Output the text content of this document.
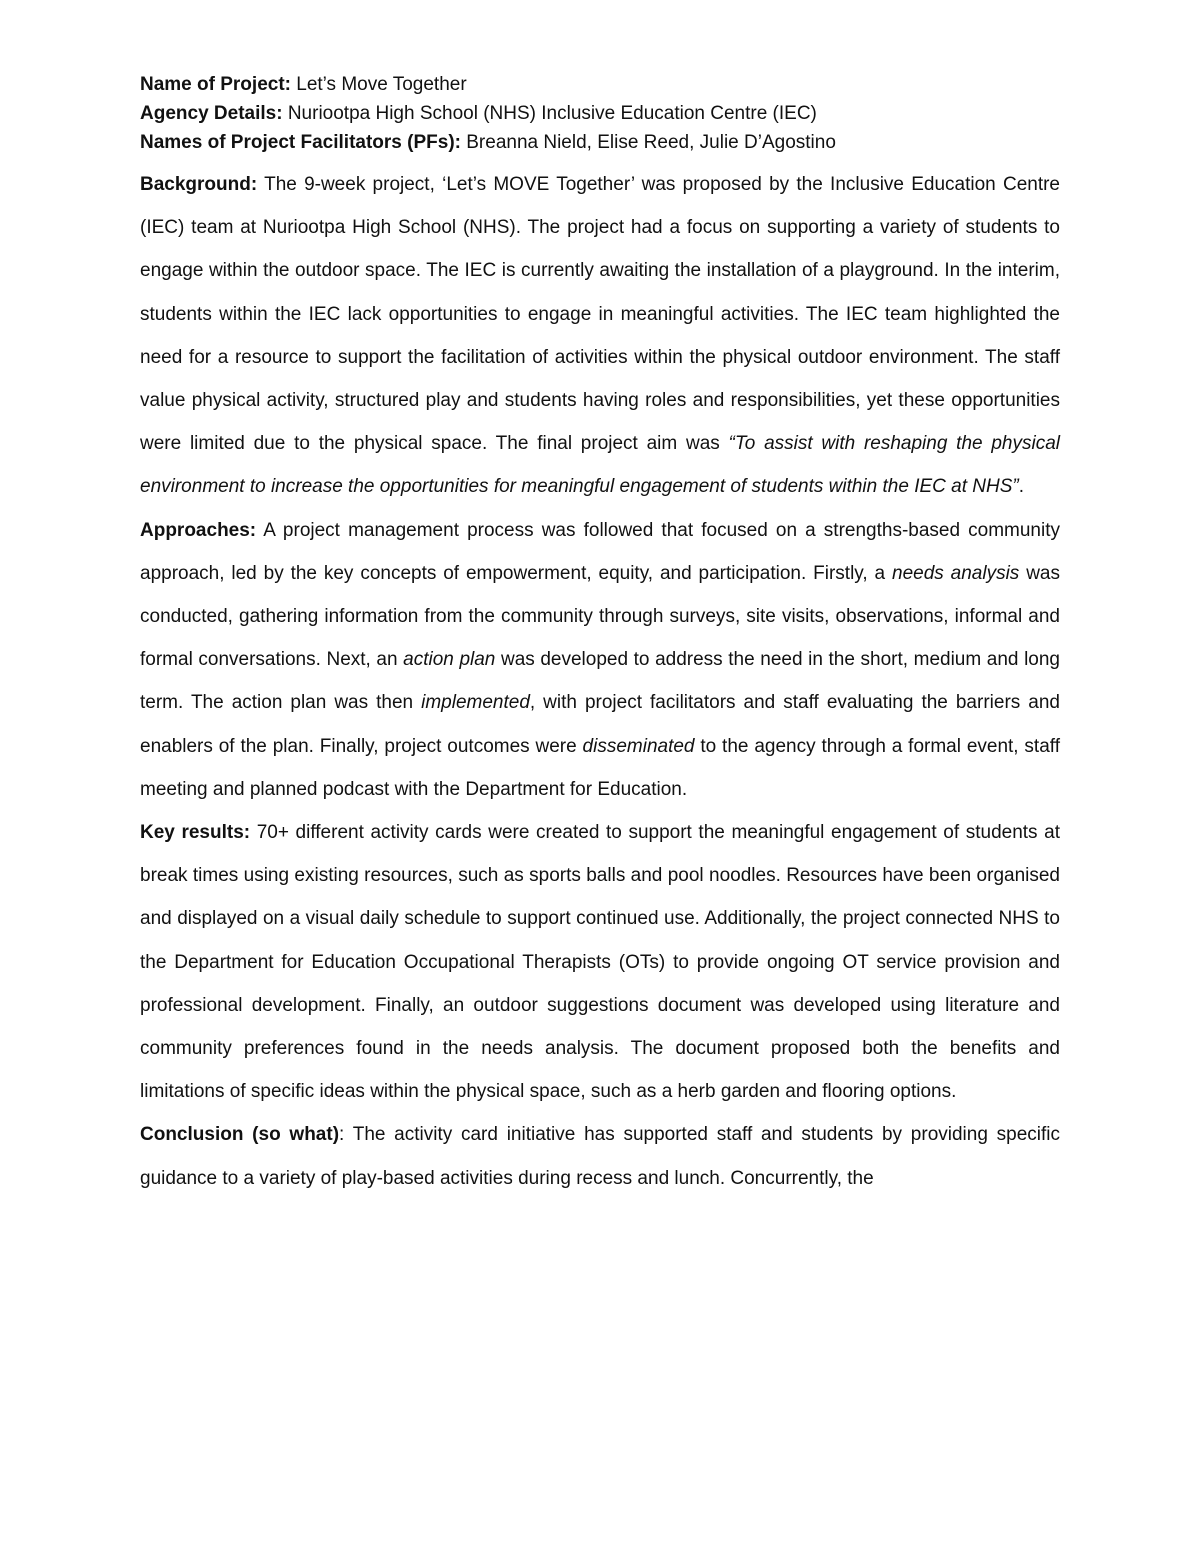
Name of Project: Let’s Move Together

Agency Details: Nuriootpa High School (NHS) Inclusive Education Centre (IEC)

Names of Project Facilitators (PFs): Breanna Nield, Elise Reed, Julie D’Agostino

Background: The 9-week project, ‘Let’s MOVE Together’ was proposed by the Inclusive Education Centre (IEC) team at Nuriootpa High School (NHS). The project had a focus on supporting a variety of students to engage within the outdoor space. The IEC is currently awaiting the installation of a playground. In the interim, students within the IEC lack opportunities to engage in meaningful activities. The IEC team highlighted the need for a resource to support the facilitation of activities within the physical outdoor environment. The staff value physical activity, structured play and students having roles and responsibilities, yet these opportunities were limited due to the physical space. The final project aim was “To assist with reshaping the physical environment to increase the opportunities for meaningful engagement of students within the IEC at NHS”.

Approaches: A project management process was followed that focused on a strengths-based community approach, led by the key concepts of empowerment, equity, and participation. Firstly, a needs analysis was conducted, gathering information from the community through surveys, site visits, observations, informal and formal conversations. Next, an action plan was developed to address the need in the short, medium and long term. The action plan was then implemented, with project facilitators and staff evaluating the barriers and enablers of the plan. Finally, project outcomes were disseminated to the agency through a formal event, staff meeting and planned podcast with the Department for Education.

Key results: 70+ different activity cards were created to support the meaningful engagement of students at break times using existing resources, such as sports balls and pool noodles. Resources have been organised and displayed on a visual daily schedule to support continued use. Additionally, the project connected NHS to the Department for Education Occupational Therapists (OTs) to provide ongoing OT service provision and professional development. Finally, an outdoor suggestions document was developed using literature and community preferences found in the needs analysis. The document proposed both the benefits and limitations of specific ideas within the physical space, such as a herb garden and flooring options.

Conclusion (so what): The activity card initiative has supported staff and students by providing specific guidance to a variety of play-based activities during recess and lunch. Concurrently, the
